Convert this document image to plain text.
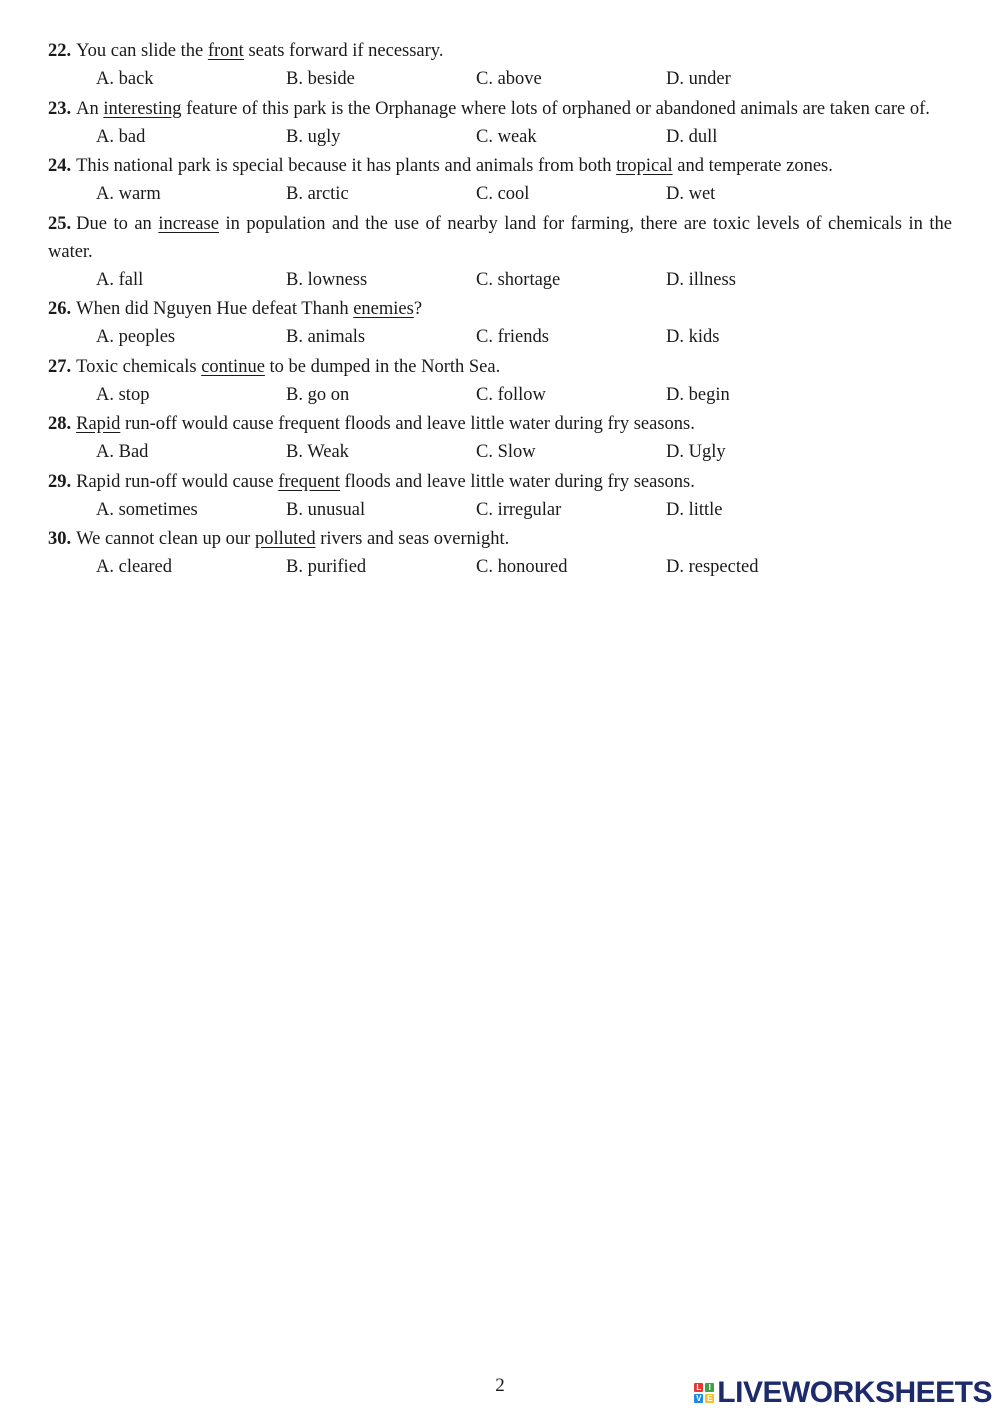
22. You can slide the front seats forward if necessary.
A. back	B. beside	C. above	D. under
23. An interesting feature of this park is the Orphanage where lots of orphaned or abandoned animals are taken care of.
A. bad	B. ugly	C. weak	D. dull
24. This national park is special because it has plants and animals from both tropical and temperate zones.
A. warm	B. arctic	C. cool	D. wet
25. Due to an increase in population and the use of nearby land for farming, there are toxic levels of chemicals in the water.
A. fall	B. lowness	C. shortage	D. illness
26. When did Nguyen Hue defeat Thanh enemies?
A. peoples	B. animals	C. friends	D. kids
27. Toxic chemicals continue to be dumped in the North Sea.
A. stop	B. go on	C. follow	D. begin
28. Rapid run-off would cause frequent floods and leave little water during fry seasons.
A. Bad	B. Weak	C. Slow	D. Ugly
29. Rapid run-off would cause frequent floods and leave little water during fry seasons.
A. sometimes	B. unusual	C. irregular	D. little
30. We cannot clean up our polluted rivers and seas overnight.
A. cleared	B. purified	C. honoured	D. respected
2	L I
V E LIVEWORKSHEETS
